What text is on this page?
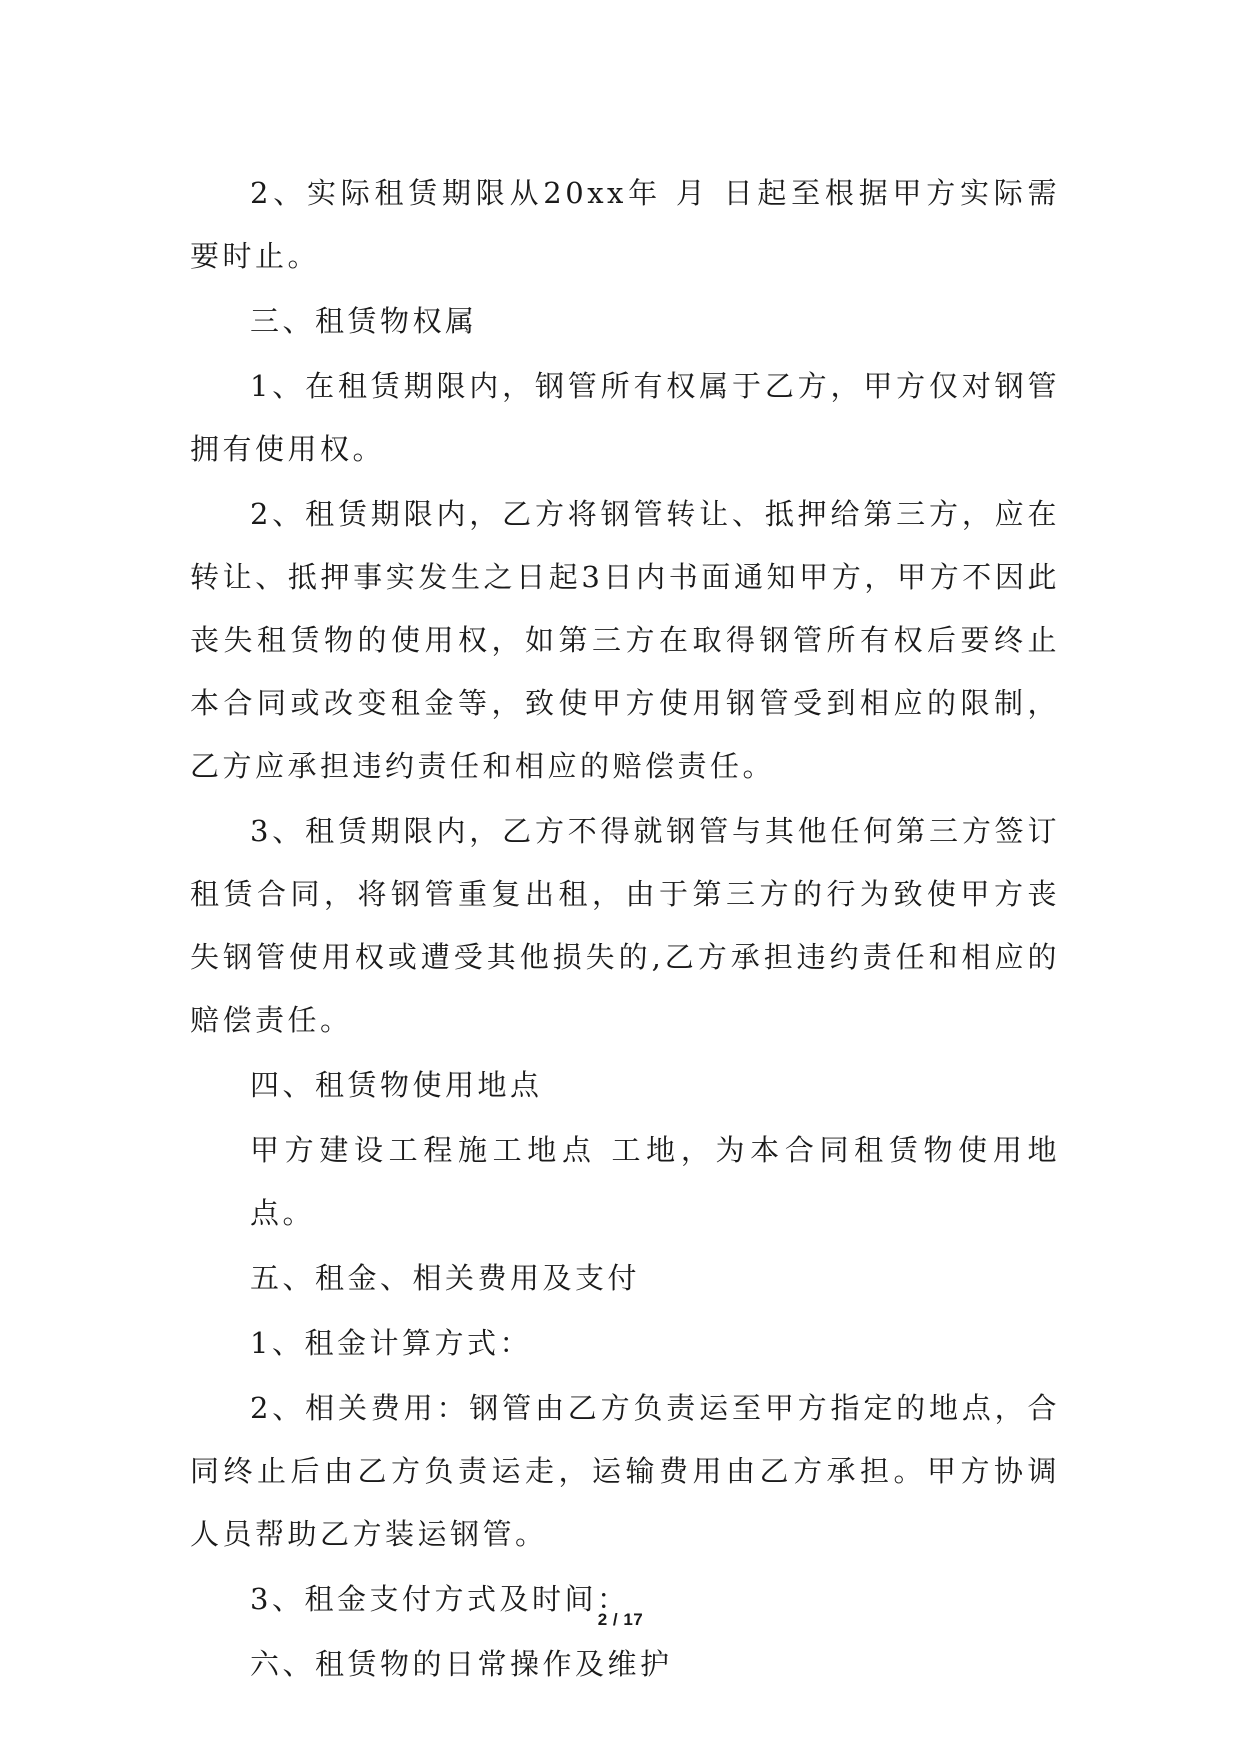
2、实际租赁期限从20xx年 月 日起至根据甲方实际需要时止。

三、租赁物权属

1、在租赁期限内，钢管所有权属于乙方，甲方仅对钢管拥有使用权。

2、租赁期限内，乙方将钢管转让、抵押给第三方，应在转让、抵押事实发生之日起3日内书面通知甲方，甲方不因此丧失租赁物的使用权，如第三方在取得钢管所有权后要终止本合同或改变租金等，致使甲方使用钢管受到相应的限制，乙方应承担违约责任和相应的赔偿责任。

3、租赁期限内，乙方不得就钢管与其他任何第三方签订租赁合同，将钢管重复出租，由于第三方的行为致使甲方丧失钢管使用权或遭受其他损失的,乙方承担违约责任和相应的赔偿责任。

四、租赁物使用地点

甲方建设工程施工地点 工地，为本合同租赁物使用地点。

五、租金、相关费用及支付

1、租金计算方式：

2、相关费用：钢管由乙方负责运至甲方指定的地点，合同终止后由乙方负责运走，运输费用由乙方承担。甲方协调人员帮助乙方装运钢管。

3、租金支付方式及时间：

六、租赁物的日常操作及维护

2 / 17
